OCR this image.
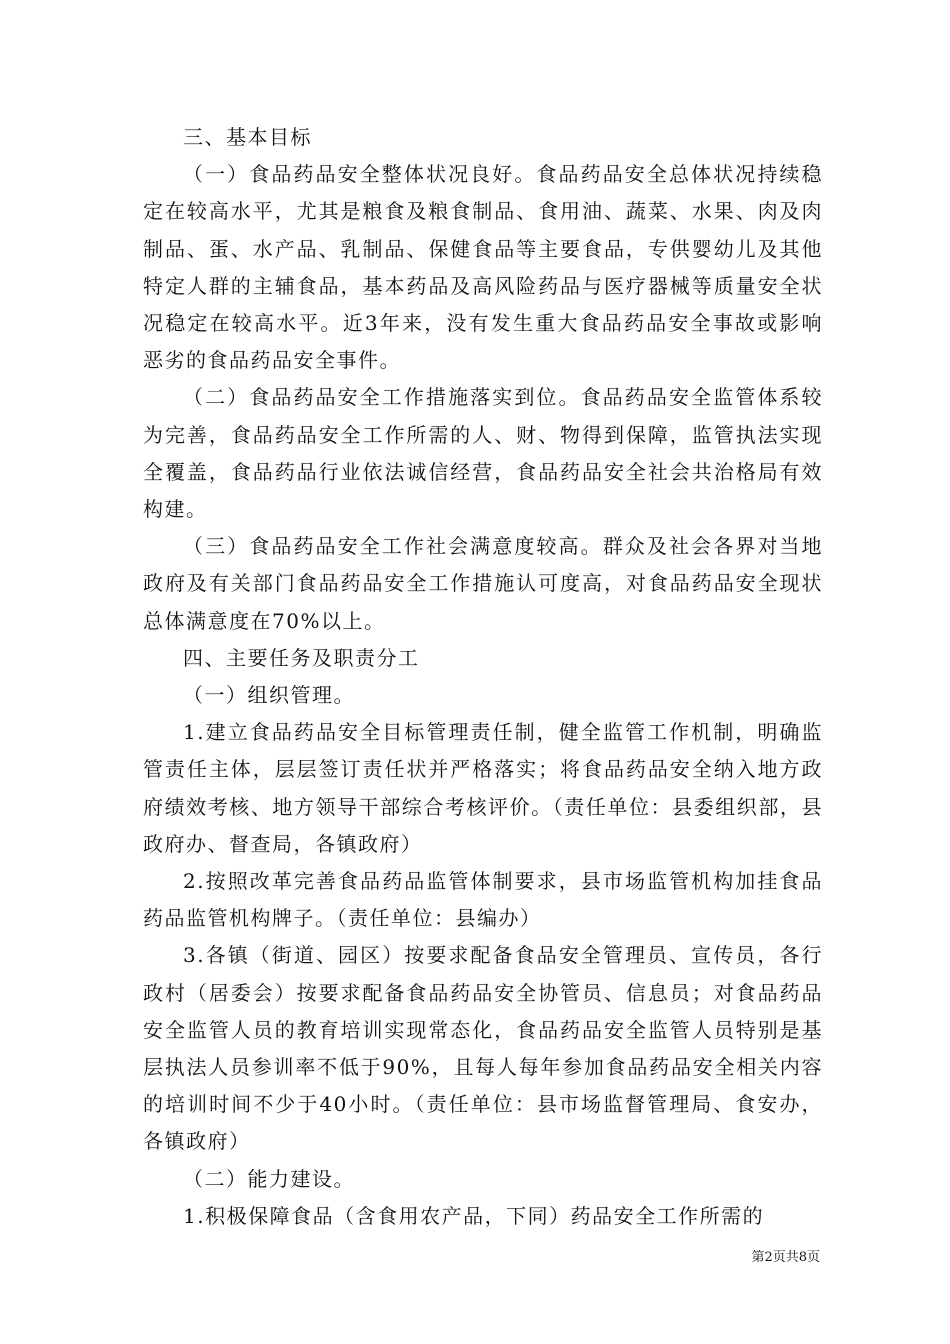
三、基本目标

（一）食品药品安全整体状况良好。食品药品安全总体状况持续稳定在较高水平，尤其是粮食及粮食制品、食用油、蔬菜、水果、肉及肉制品、蛋、水产品、乳制品、保健食品等主要食品，专供婴幼儿及其他特定人群的主辅食品，基本药品及高风险药品与医疗器械等质量安全状况稳定在较高水平。近3年来，没有发生重大食品药品安全事故或影响恶劣的食品药品安全事件。

（二）食品药品安全工作措施落实到位。食品药品安全监管体系较为完善，食品药品安全工作所需的人、财、物得到保障，监管执法实现全覆盖，食品药品行业依法诚信经营，食品药品安全社会共治格局有效构建。

（三）食品药品安全工作社会满意度较高。群众及社会各界对当地政府及有关部门食品药品安全工作措施认可度高，对食品药品安全现状总体满意度在70%以上。

四、主要任务及职责分工

（一）组织管理。

1.建立食品药品安全目标管理责任制，健全监管工作机制，明确监管责任主体，层层签订责任状并严格落实；将食品药品安全纳入地方政府绩效考核、地方领导干部综合考核评价。（责任单位：县委组织部，县政府办、督查局，各镇政府）

2.按照改革完善食品药品监管体制要求，县市场监管机构加挂食品药品监管机构牌子。（责任单位：县编办）

3.各镇（街道、园区）按要求配备食品安全管理员、宣传员，各行政村（居委会）按要求配备食品药品安全协管员、信息员；对食品药品安全监管人员的教育培训实现常态化，食品药品安全监管人员特别是基层执法人员参训率不低于90%，且每人每年参加食品药品安全相关内容的培训时间不少于40小时。（责任单位：县市场监督管理局、食安办，各镇政府）

（二）能力建设。

1.积极保障食品（含食用农产品，下同）药品安全工作所需的

第2页共8页
